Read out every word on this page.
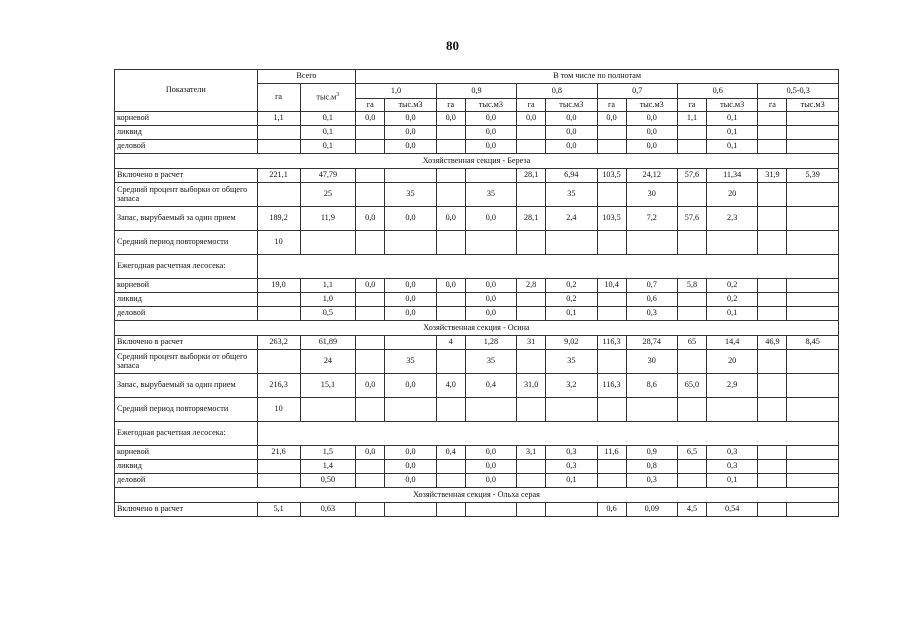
80
Показатели	Всего		В том числе по полнотам											
	га	$тыс.м^3$	1,0		0,9		0,8		0,7		0,6		0,5-0,3	
			га	тыс.м3	га	тыс.м3	га	тыс.м3	га	тыс.м3	га	тыс.м3	га	тыс.м3
корневой	1,1	0,1	0,0	0,0	0,0	0,0	0,0	0,0	0,0	0,0	1,1	0,1		
ликвид		0,1		0,0		0,0		0,0		0,0		0,1		
деловой		0,1		0,0		0,0		0,0		0,0		0,1		
Хозяйственная секция - Береза														
Включено в расчет	221,1	47,79					28,1	6,94	103,5	24,12	57,6	11,34	31,9	5,39
Средний процент выборки от общего запаса		25		35		35		35		30		20		
Запас, вырубаемый за один прием	189,2	11,9	0,0	0,0	0,0	0,0	28,1	2,4	103,5	7,2	57,6	2,3		
Средний период повторяемости	10													
Ежегодная расчетная лесосека:														
корневой	19,0	1,1	0,0	0,0	0,0	0,0	2,8	0,2	10,4	0,7	5,8	0,2		
ликвид		1,0		0,0		0,0		0,2		0,6		0,2		
деловой		0,5		0,0		0,0		0,1		0,3		0,1		
Хозяйственная секция - Осина														
Включено в расчет	263,2	61,89			4	1,28	31	9,02	116,3	28,74	65	14,4	46,9	8,45
Средний процент выборки от общего запаса		24		35		35		35		30		20		
Запас, вырубаемый за один прием	216,3	15,1	0,0	0,0	4,0	0,4	31,0	3,2	116,3	8,6	65,0	2,9		
Средний период повторяемости	10													
Ежегодная расчетная лесосека:														
корневой	21,6	1,5	0,0	0,0	0,4	0,0	3,1	0,3	11,6	0,9	6,5	0,3		
ликвид		1,4		0,0		0,0		0,3		0,8		0,3		
деловой		0,50		0,0		0,0		0,1		0,3		0,1		
Хозяйственная секция - Ольха серая														
Включено в расчет	5,1	0,63							0,6	0,09	4,5	0,54		
